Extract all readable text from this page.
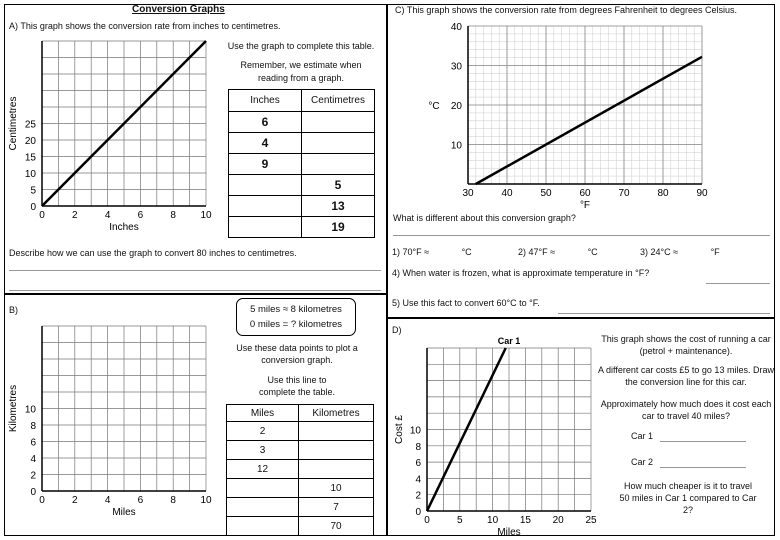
Conversion Graphs
A) This graph shows the conversion rate from inches to centimetres.
0	2	4	6	8 10
0
5
10
15
20
25
Inches
Centimetres
Use the graph to complete this table.
Remember, we estimate when reading from a graph.
Inches	Centimetres
6	
4	
9	
	5
	13
	19
Describe how we can use the graph to convert 80 inches to centimetres.
B)
0	2	4	6	8 10
0
2
4
6
8
10
Miles
Kilometres
5 miles ≈ 8 kilometres
0 miles = ? kilometres
Use these data points to plot a conversion graph.
Use this line to complete the table.
Miles	Kilometres
2	
3	
12	
	10
	7
	70
C) This graph shows the conversion rate from degrees Fahrenheit to degrees Celsius.
30	40	50	60	70	80	90
10
20
30
40
°F
°C
What is different about this conversion graph?
1) 70°F ≈	°C	2) 47°F ≈	°C	3) 24°C ≈	°F
4) When water is frozen, what is approximate temperature in °F?
5) Use this fact to convert 60°C to °F.
D)
0	5 10 15 20 25
0
2
4
6
8
10
Miles
Cost £
Car 1	This graph shows the cost of running a car (petrol + maintenance).
A different car costs £5 to go 13 miles. Draw the conversion line for this car.
Approximately how much does it cost each car to travel 40 miles?
Car 1
Car 2
How much cheaper is it to travel 50 miles in Car 1 compared to Car 2?
